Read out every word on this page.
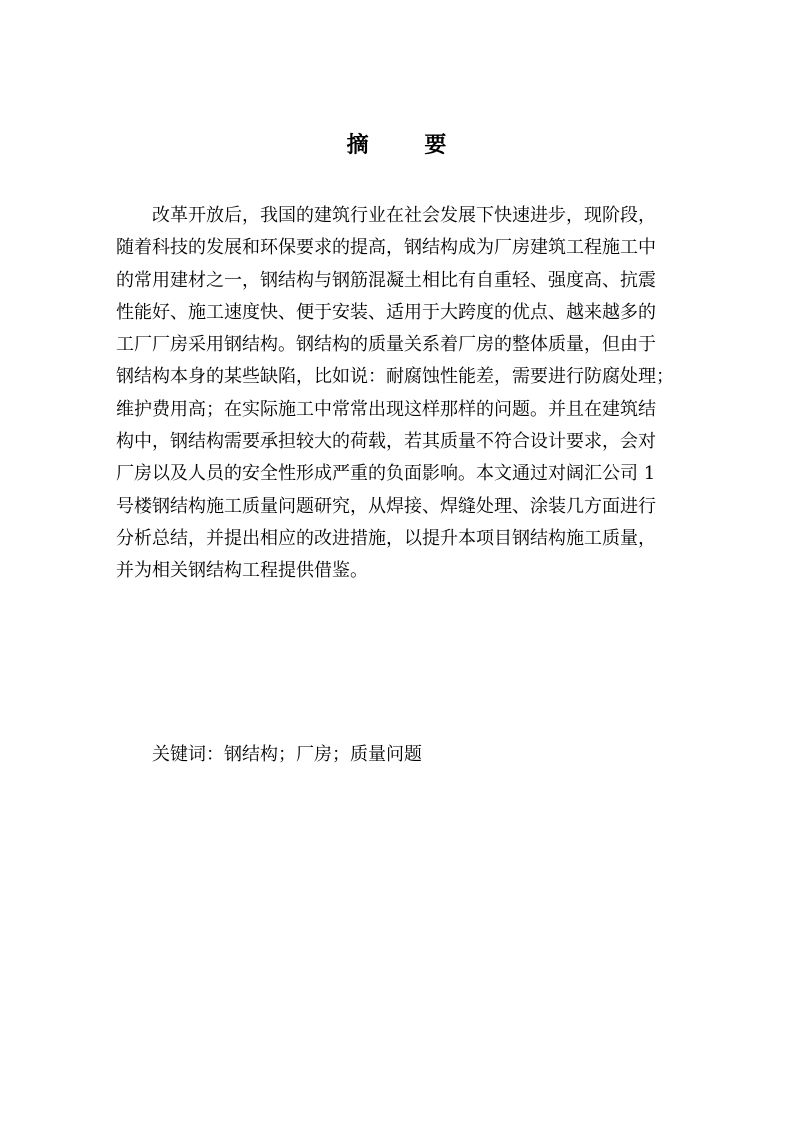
摘 要
改革开放后，我国的建筑行业在社会发展下快速进步，现阶段，
随着科技的发展和环保要求的提高，钢结构成为厂房建筑工程施工中
的常用建材之一，钢结构与钢筋混凝土相比有自重轻、强度高、抗震
性能好、施工速度快、便于安装、适用于大跨度的优点、越来越多的
工厂厂房采用钢结构。钢结构的质量关系着厂房的整体质量，但由于
钢结构本身的某些缺陷，比如说：耐腐蚀性能差，需要进行防腐处理；
维护费用高；在实际施工中常常出现这样那样的问题。并且在建筑结
构中，钢结构需要承担较大的荷载，若其质量不符合设计要求，会对
厂房以及人员的安全性形成严重的负面影响。本文通过对阔汇公司 1
号楼钢结构施工质量问题研究，从焊接、焊缝处理、涂装几方面进行
分析总结，并提出相应的改进措施，以提升本项目钢结构施工质量，
并为相关钢结构工程提供借鉴。
关键词：钢结构；厂房；质量问题
